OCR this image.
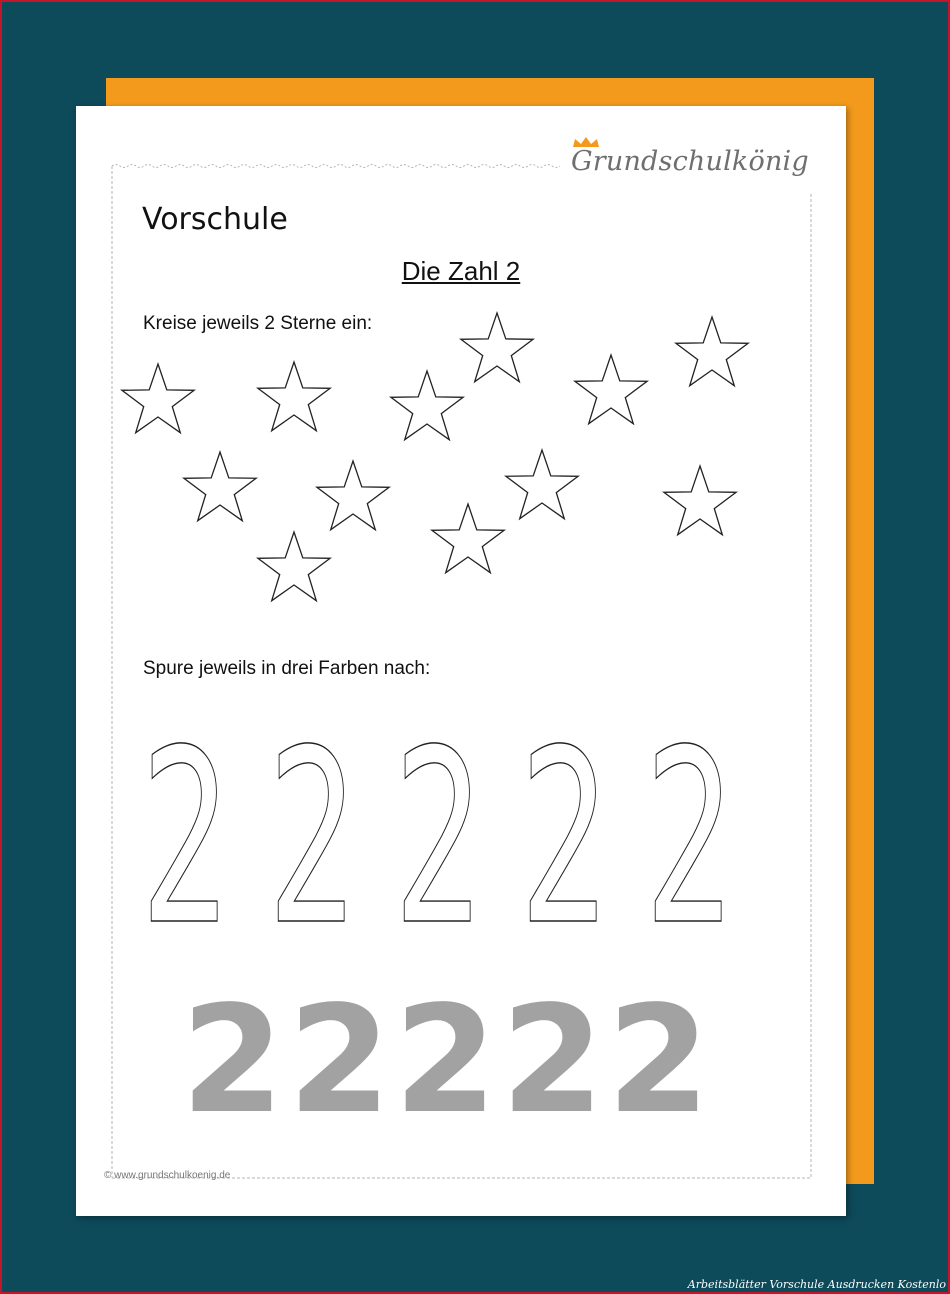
Grundschulkönig
Vorschule
Die Zahl 2
Kreise jeweils 2 Sterne ein:
Spure jeweils in drei Farben nach:
2 2 2 2 2
2 2 2 2 2
© www.grundschulkoenig.de
Arbeitsblätter Vorschule Ausdrucken Kostenlo
